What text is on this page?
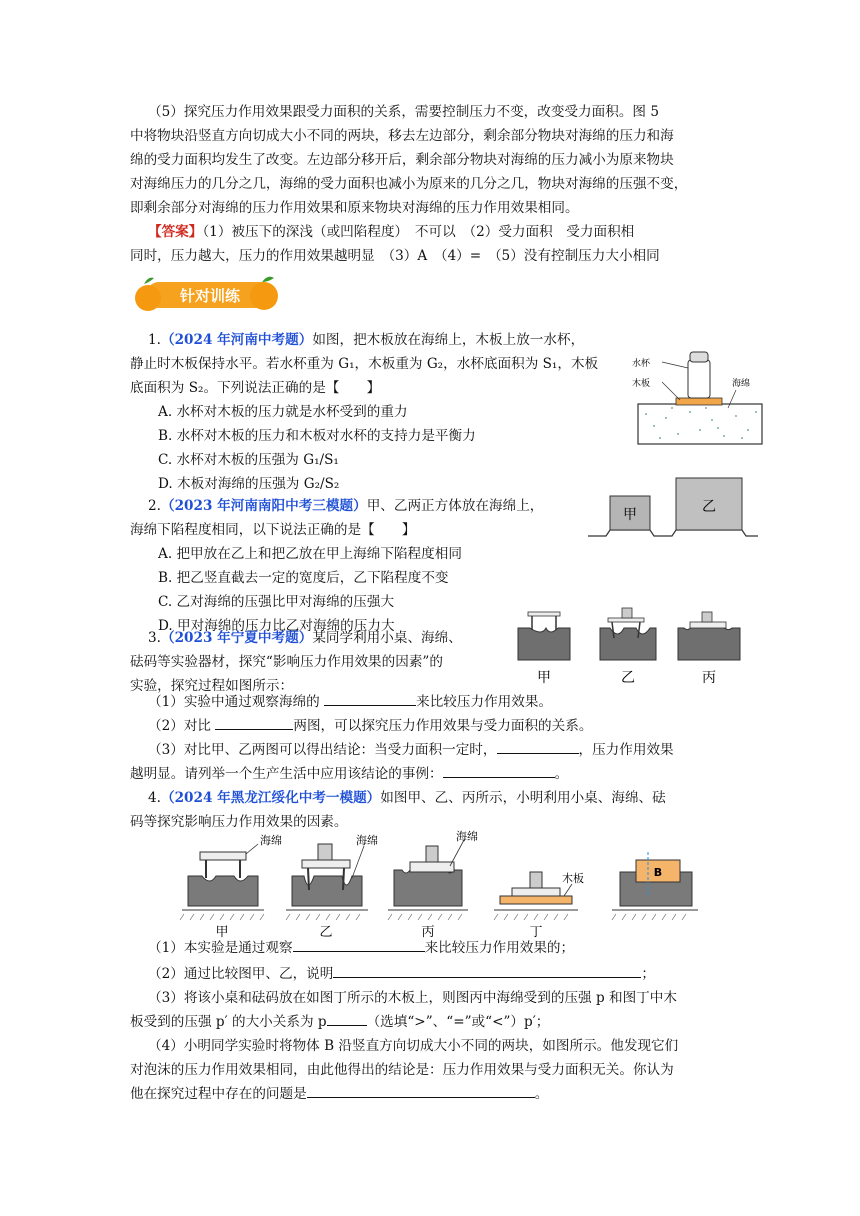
（5）探究压力作用效果跟受力面积的关系，需要控制压力不变，改变受力面积。图 5
中将物块沿竖直方向切成大小不同的两块，移去左边部分，剩余部分物块对海绵的压力和海
绵的受力面积均发生了改变。左边部分移开后，剩余部分物块对海绵的压力减小为原来物块
对海绵压力的几分之几，海绵的受力面积也减小为原来的几分之几，物块对海绵的压强不变，
即剩余部分对海绵的压力作用效果和原来物块对海绵的压力作用效果相同。
【答案】（1）被压下的深浅（或凹陷程度）　不可以　（2）受力面积　受力面积相
同时，压力越大，压力的作用效果越明显　（3）A　（4）=　（5）没有控制压力大小相同
针对训练
1.（2024 年河南中考题）如图，把木板放在海绵上，木板上放一水杯，
静止时木板保持水平。若水杯重为 G₁，木板重为 G₂，水杯底面积为 S₁，木板
底面积为 S₂。下列说法正确的是【　　】
A. 水杯对木板的压力就是水杯受到的重力
B. 水杯对木板的压力和木板对水杯的支持力是平衡力
C. 水杯对木板的压强为 G₁/S₁
D. 木板对海绵的压强为 G₂/S₂
水杯
木板	海绵
2.（2023 年河南南阳中考三模题）甲、乙两正方体放在海绵上，
海绵下陷程度相同，以下说法正确的是【　　】
A. 把甲放在乙上和把乙放在甲上海绵下陷程度相同
B. 把乙竖直截去一定的宽度后，乙下陷程度不变
C. 乙对海绵的压强比甲对海绵的压强大
D. 甲对海绵的压力比乙对海绵的压力大
甲	乙
3.（2023 年宁夏中考题）某同学利用小桌、海绵、
砝码等实验器材，探究“影响压力作用效果的因素”的
实验，探究过程如图所示：
（1）实验中通过观察海绵的	来比较压力作用效果。
（2）对比	两图，可以探究压力作用效果与受力面积的关系。
（3）对比甲、乙两图可以得出结论：当受力面积一定时，	，压力作用效果
越明显。请列举一个生产生活中应用该结论的事例：	。
甲	乙	丙
4.（2024 年黑龙江绥化中考一模题）如图甲、乙、丙所示，小明利用小桌、海绵、砝
码等探究影响压力作用效果的因素。
海绵	海绵	海绵
木板	B
甲	乙	丙	丁
（1）本实验是通过观察	来比较压力作用效果的；
（2）通过比较图甲、乙，说明	；
（3）将该小桌和砝码放在如图丁所示的木板上，则图丙中海绵受到的压强 p 和图丁中木
板受到的压强 p′ 的大小关系为 p	（选填“>”、“=”或“<”）p′；
（4）小明同学实验时将物体 B 沿竖直方向切成大小不同的两块，如图所示。他发现它们
对泡沫的压力作用效果相同，由此他得出的结论是：压力作用效果与受力面积无关。你认为
他在探究过程中存在的问题是	。
